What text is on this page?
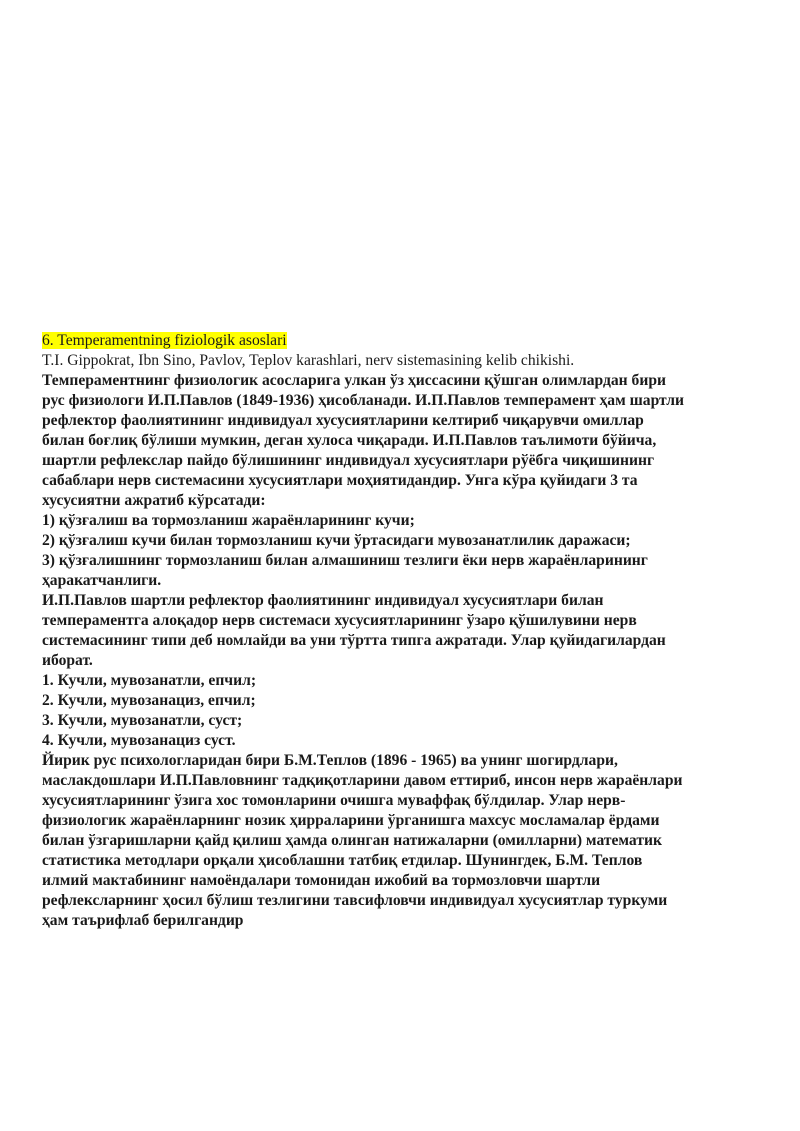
6. Temperamentning fiziologik asoslari
T.I. Gippokrat, Ibn Sino, Pavlov, Teplov karashlari, nerv sistemasining kelib chikishi.
Темпераментнинг физиологик асосларига улкан ўз ҳиссасини қўшган олимлардан бири
рус физиологи И.П.Павлов (1849-1936) ҳисобланади. И.П.Павлов темперамент ҳам шартли
рефлектор фаолиятининг индивидуал хусусиятларини келтириб чиқарувчи омиллар
билан боғлиқ бўлиши мумкин, деган хулоса чиқаради. И.П.Павлов таълимоти бўйича,
шартли рефлекслар пайдо бўлишининг индивидуал хусусиятлари рўёбга чиқишининг
сабаблари нерв системасини хусусиятлари моҳиятидандир. Унга кўра қуйидаги 3 та
хусусиятни ажратиб кўрсатади:
1) қўзғалиш ва тормозланиш жараёнларининг кучи;
2) қўзғалиш кучи билан тормозланиш кучи ўртасидаги мувозанатлилик даражаси;
3) қўзғалишнинг тормозланиш билан алмашиниш тезлиги ёки нерв жараёнларининг
ҳаракатчанлиги.
И.П.Павлов шартли рефлектор фаолиятининг индивидуал хусусиятлари билан
темпераментга алоқадор нерв системаси хусусиятларининг ўзаро қўшилувини нерв
системасининг типи деб номлайди ва уни тўртта типга ажратади. Улар қуйидагилардан
иборат.
1. Кучли, мувозанатли, епчил;
2. Кучли, мувозанациз, епчил;
3. Кучли, мувозанатли, суст;
4. Кучли, мувозанациз суст.
Йирик рус психологларидан бири Б.М.Теплов (1896 - 1965) ва унинг шогирдлари,
маслакдошлари И.П.Павловнинг тадқиқотларини давом еттириб, инсон нерв жараёнлари
хусусиятларининг ўзига хос томонларини очишга муваффақ бўлдилар. Улар нерв-
физиологик жараёнларнинг нозик ҳирраларини ўрганишга махсус мосламалар ёрдами
билан ўзгаришларни қайд қилиш ҳамда олинган натижаларни (омилларни) математик
статистика методлари орқали ҳисоблашни татбиқ етдилар. Шунингдек, Б.М. Теплов
илмий мактабининг намоёндалари томонидан ижобий ва тормозловчи шартли
рефлексларнинг ҳосил бўлиш тезлигини тавсифловчи индивидуал хусусиятлар туркуми
ҳам таърифлаб берилгандир
